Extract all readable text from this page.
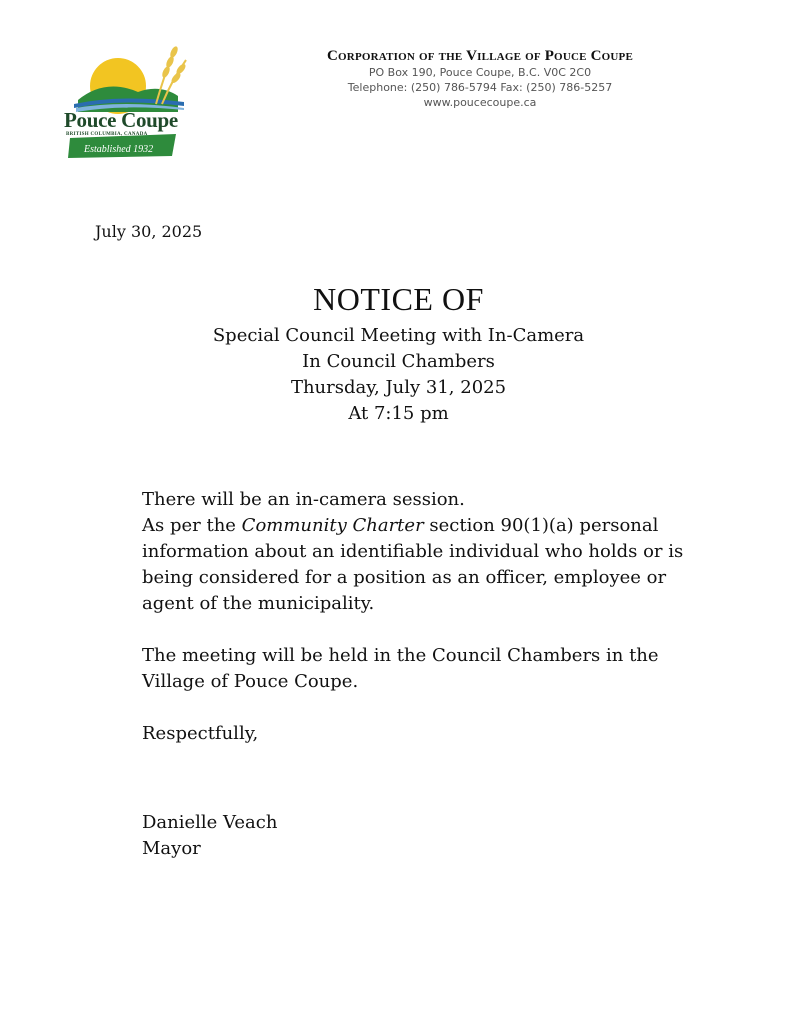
Pouce Coupe
BRITISH COLUMBIA, CANADA
Established 1932
Corporation of the Village of Pouce Coupe
PO Box 190, Pouce Coupe, B.C. V0C 2C0
Telephone: (250) 786-5794 Fax: (250) 786-5257
www.poucecoupe.ca
July 30, 2025
NOTICE OF
Special Council Meeting with In-Camera
In Council Chambers
Thursday, July 31, 2025
At 7:15 pm

There will be an in-camera session.

As per the Community Charter section 90(1)(a) personal information about an identifiable individual who holds or is being considered for a position as an officer, employee or agent of the municipality.

The meeting will be held in the Council Chambers in the Village of Pouce Coupe.

Respectfully,

Danielle Veach
Mayor
